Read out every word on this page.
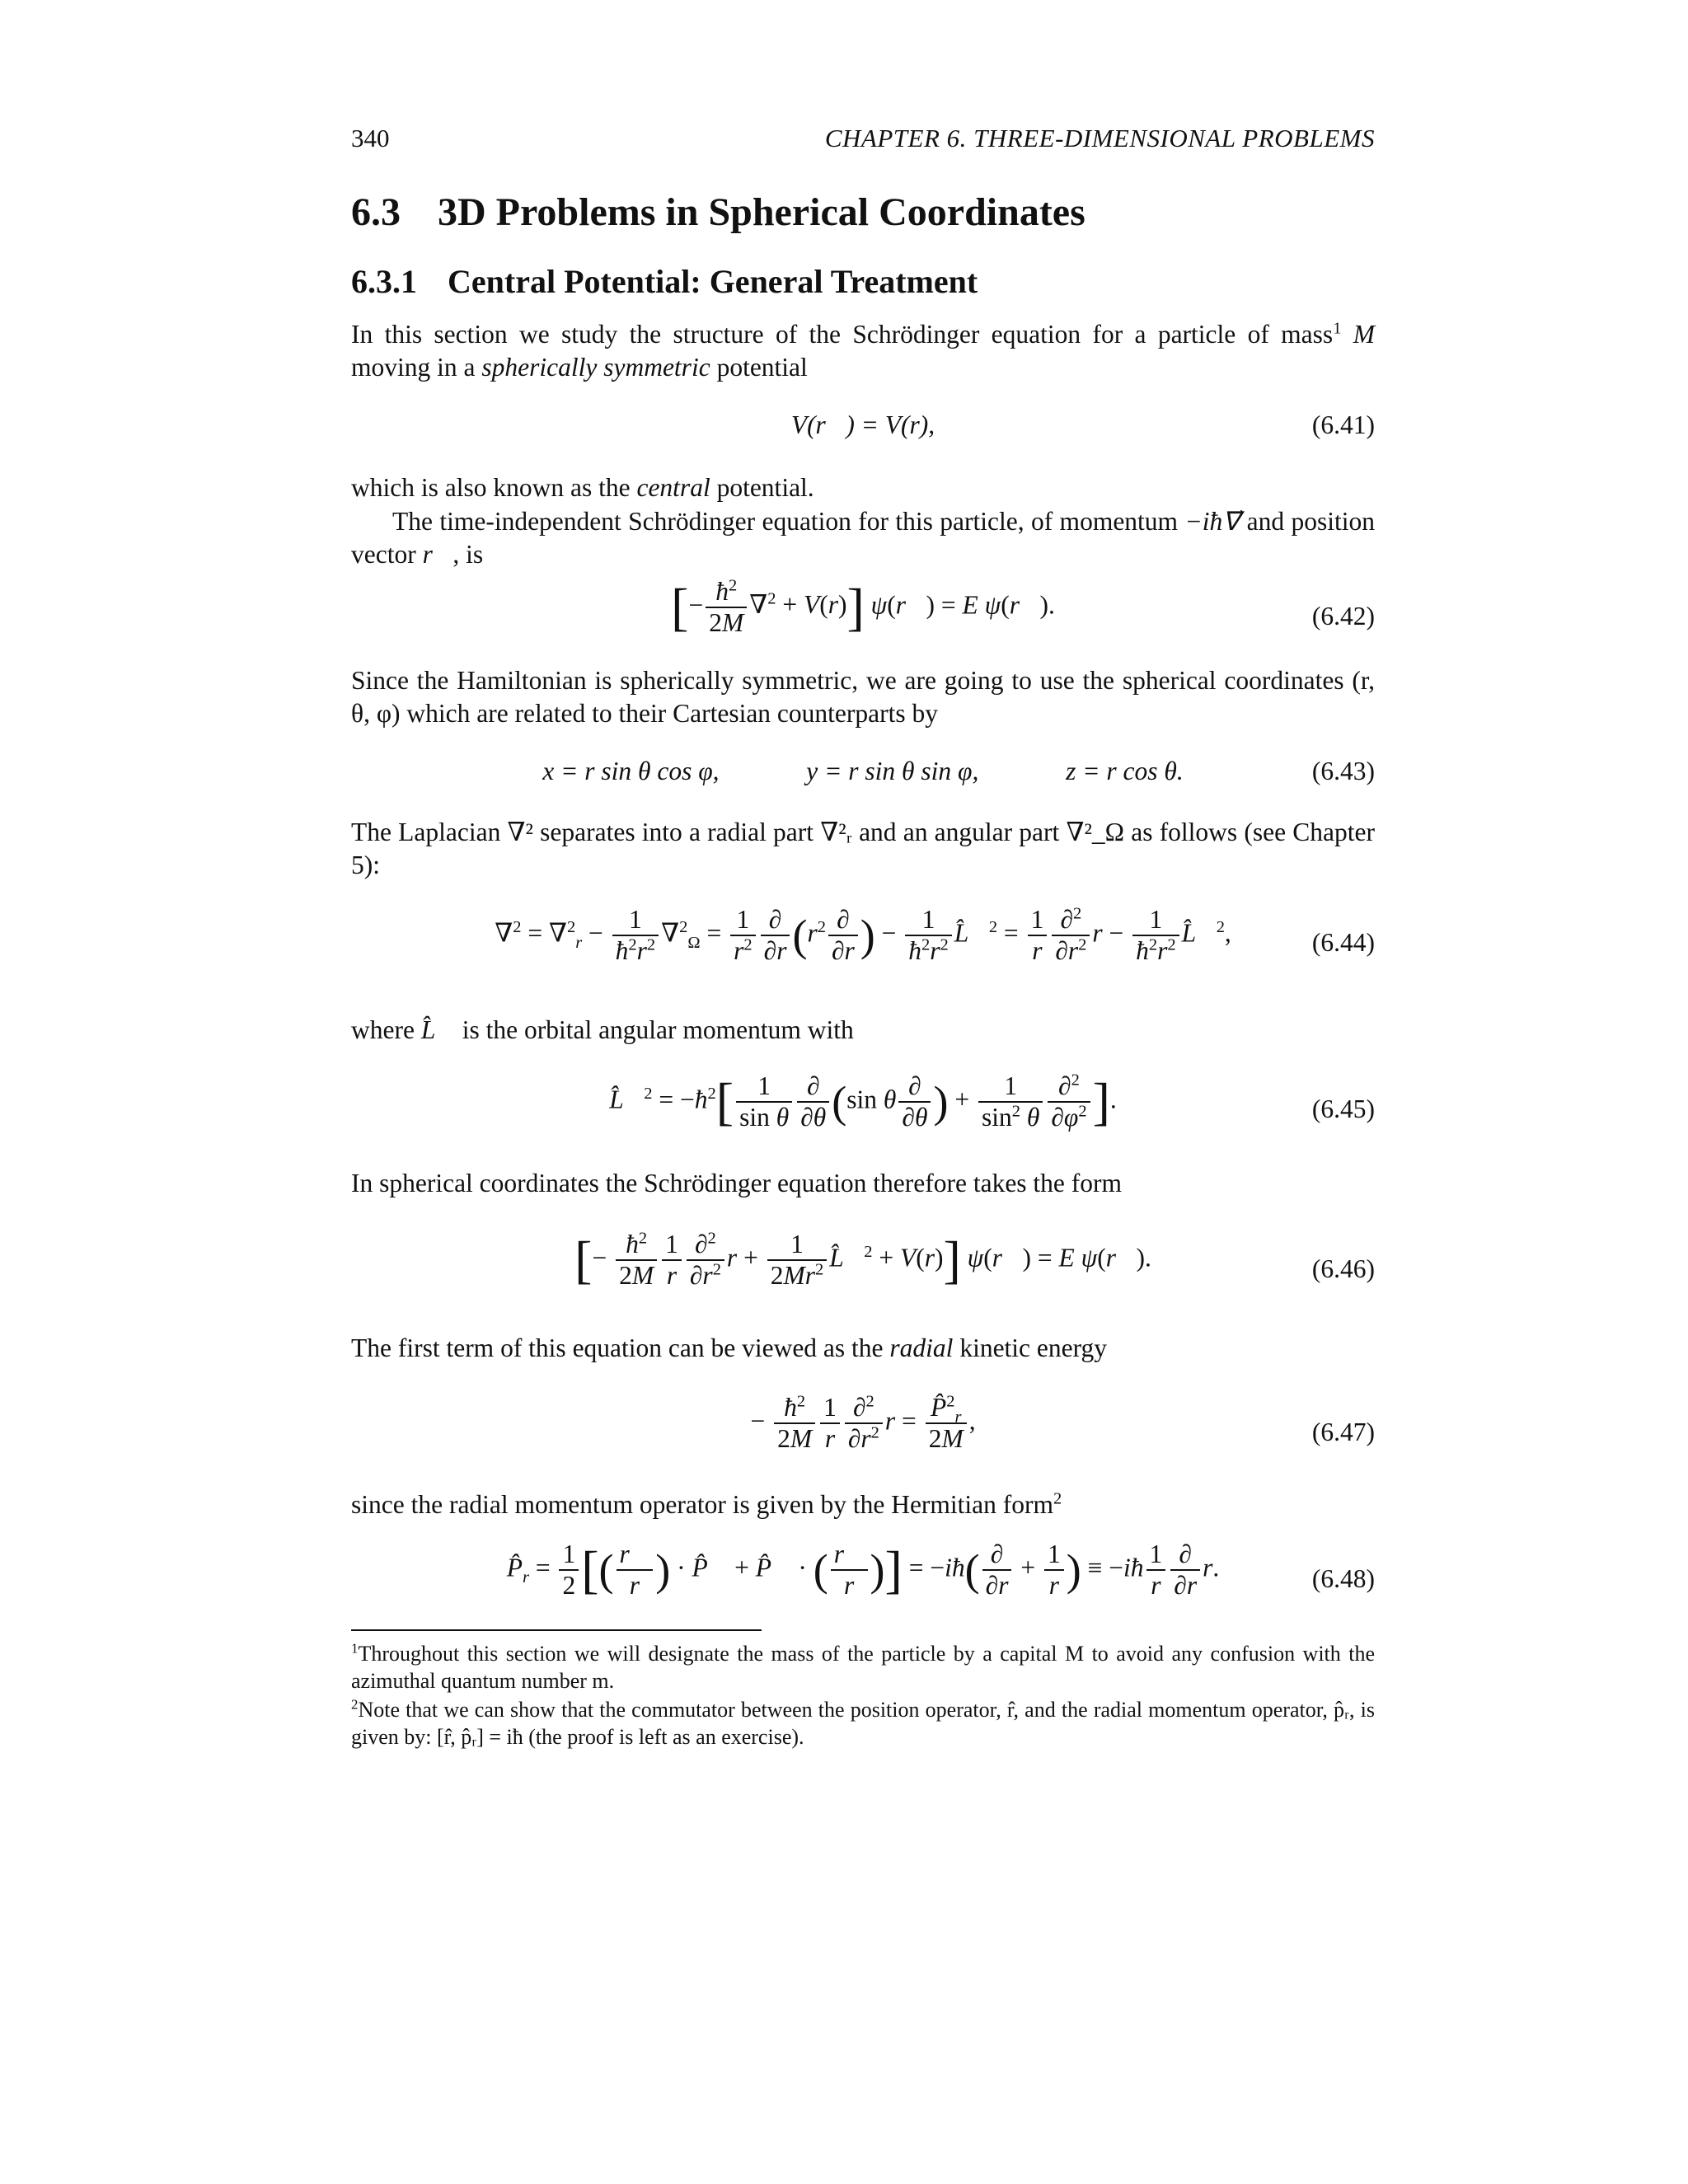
340	CHAPTER 6. THREE-DIMENSIONAL PROBLEMS
6.3 3D Problems in Spherical Coordinates
6.3.1 Central Potential: General Treatment
In this section we study the structure of the Schrödinger equation for a particle of mass$^1$ M moving in a spherically symmetric potential
V(r⃗) = V(r),	(6.41)
which is also known as the central potential.
The time-independent Schrödinger equation for this particle, of momentum −iħ∇⃗ and position vector r⃗, is
[− $\frac{ħ^2}{2M} \nabla^2 + V(r)$] ψ(r⃗) = E ψ(r⃗).	(6.42)
Since the Hamiltonian is spherically symmetric, we are going to use the spherical coordinates (r, θ, φ) which are related to their Cartesian counterparts by
x = r sin θ cos φ,	y = r sin θ sin φ,	z = r cos θ.	(6.43)
The Laplacian ∇² separates into a radial part ∇²ᵣ and an angular part ∇²_Ω as follows (see Chapter 5):
$\nabla^2 = \nabla^2_r - \frac{1}{ħ^2r^2} \nabla^2_\Omega = \frac{1}{r^2} \frac{\partial}{\partial r} (r^2 \frac{\partial}{\partial r}$ ) − $\frac{1}{ħ^2r^2}$ L̂⃗$^2$ = $\frac{1}{r} \frac{\partial^2}{\partial r^2}$ $r - \frac{1}{ħ^2r^2}$ L̂⃗$^2$,	(6.44)
where L̂⃗ is the orbital angular momentum with
L̂⃗$^2$ = $-ħ^2[ \frac{1}{\text{sin θ}} \frac{\partial}{\partial\theta} (\sin$ θ $\frac{\partial}{\partial\theta}$ ) + $\frac{1}{\sin^2 \theta} \frac{\partial^2}{\partial\varphi^2}$ ].	(6.45)
In spherical coordinates the Schrödinger equation therefore takes the form
[− $\frac{ħ^2}{2M} \frac{1}{r} \frac{\partial^2}{\partial r^2}$ $r + \frac{1}{2Mr^2}$ L̂⃗$^2$ + V(r)] ψ(r⃗) = E ψ(r⃗).	(6.46)
The first term of this equation can be viewed as the radial kinetic energy
− $\frac{ħ^2}{2M} \frac{1}{r} \frac{\partial^2}{\partial r^2}$ $r = \frac{P̂^2_r}{2M}$ ,	(6.47)
since the radial momentum operator is given by the Hermitian form$^2$
$P̂_r = \frac{1}{2}$ [( $\frac{r⃗}{r}$ ) · P̂⃗ + P̂⃗ · ( $\frac{r⃗}{r}$ )] = −iħ( $\frac{\partial}{\partial r} + \frac{1}{r}$ ) ≡ −iħ $\frac{1}{r} \frac{\partial}{\partial r} r$.	(6.48)
$^1$Throughout this section we will designate the mass of the particle by a capital M to avoid any confusion with the azimuthal quantum number m.
$^2$Note that we can show that the commutator between the position operator, r̂, and the radial momentum operator, p̂ᵣ, is given by: [r̂, p̂ᵣ] = iħ (the proof is left as an exercise).
